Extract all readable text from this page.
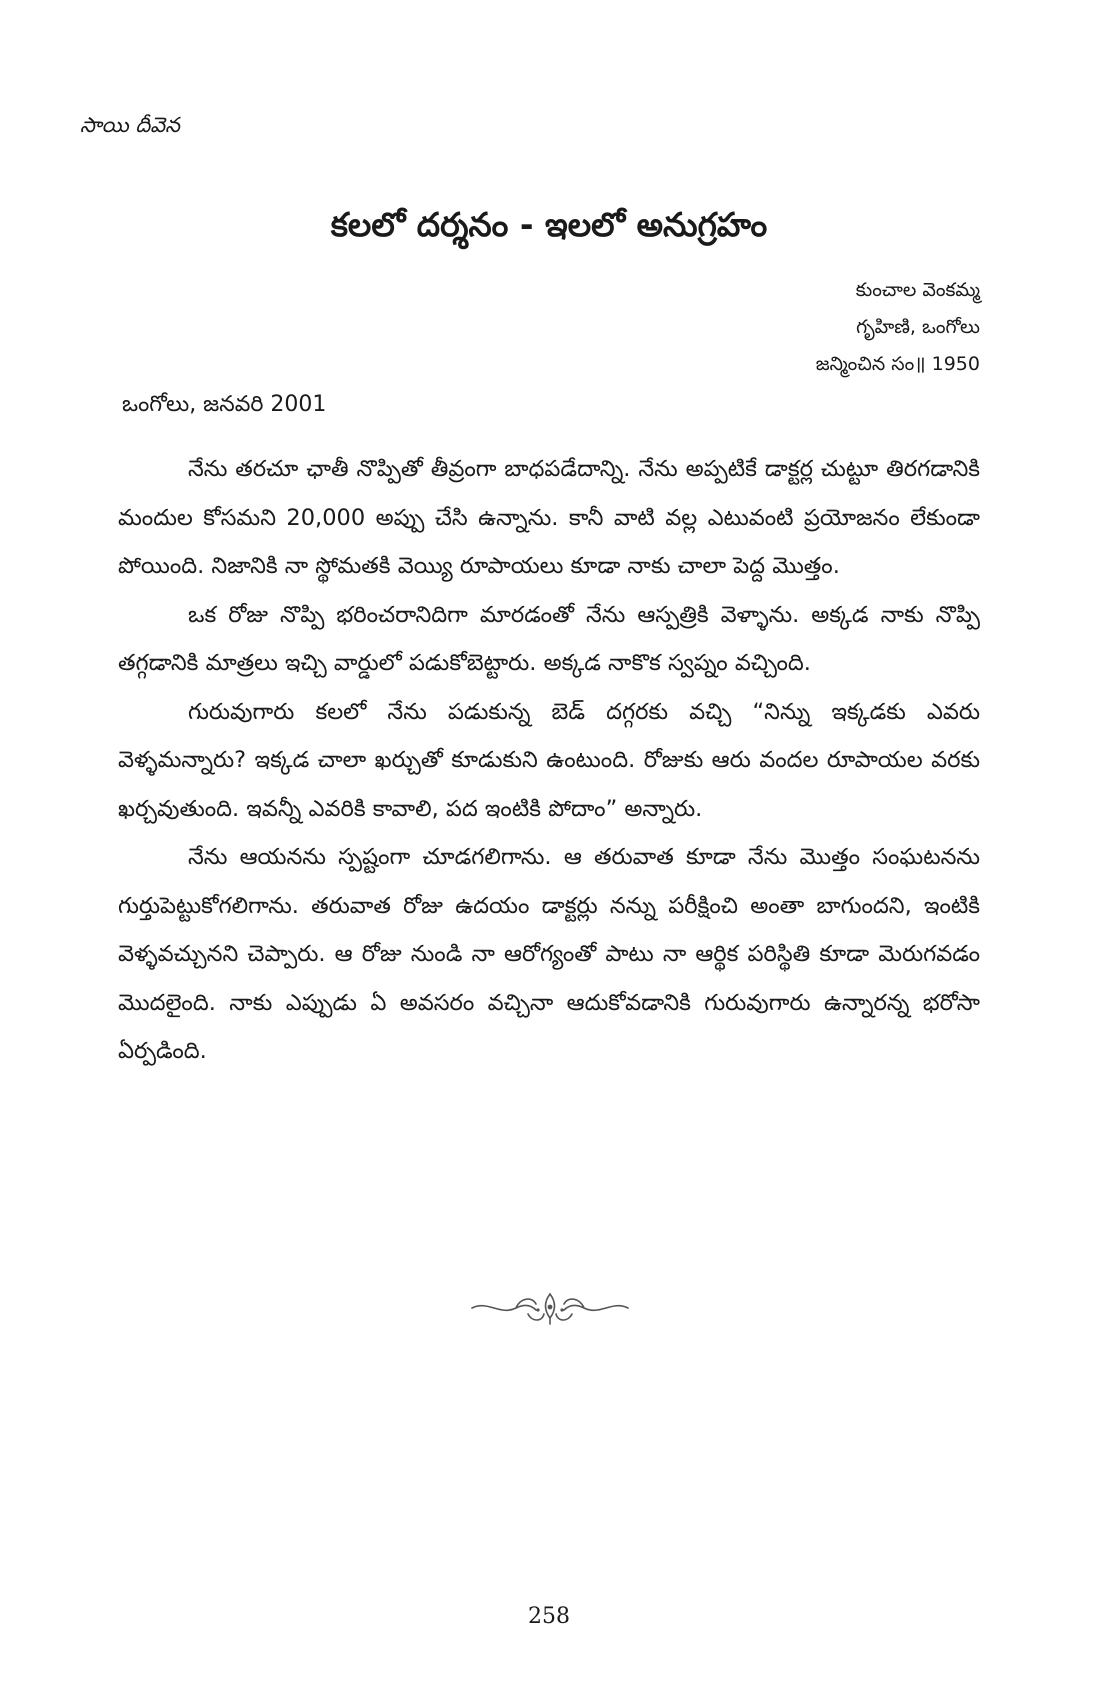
సాయి దీవెన
కలలో దర్శనం - ఇలలో అనుగ్రహం
కుంచాల వెంకమ్మ
గృహిణి, ఒంగోలు
జన్మించిన సం॥ 1950
ఒంగోలు, జనవరి 2001

నేను తరచూ ఛాతీ నొప్పితో తీవ్రంగా బాధపడేదాన్ని. నేను అప్పటికే డాక్టర్ల చుట్టూ తిరగడానికి మందుల కోసమని 20,000 అప్పు చేసి ఉన్నాను. కానీ వాటి వల్ల ఎటువంటి ప్రయోజనం లేకుండా పోయింది. నిజానికి నా స్థోమతకి వెయ్యి రూపాయలు కూడా నాకు చాలా పెద్ద మొత్తం.

ఒక రోజు నొప్పి భరించరానిదిగా మారడంతో నేను ఆస్పత్రికి వెళ్ళాను. అక్కడ నాకు నొప్పి తగ్గడానికి మాత్రలు ఇచ్చి వార్డులో పడుకోబెట్టారు. అక్కడ నాకొక స్వప్నం వచ్చింది.

గురువుగారు కలలో నేను పడుకున్న బెడ్ దగ్గరకు వచ్చి “నిన్ను ఇక్కడకు ఎవరు వెళ్ళమన్నారు? ఇక్కడ చాలా ఖర్చుతో కూడుకుని ఉంటుంది. రోజుకు ఆరు వందల రూపాయల వరకు ఖర్చవుతుంది. ఇవన్నీ ఎవరికి కావాలి, పద ఇంటికి పోదాం” అన్నారు.

నేను ఆయనను స్పష్టంగా చూడగలిగాను. ఆ తరువాత కూడా నేను మొత్తం సంఘటనను గుర్తుపెట్టుకోగలిగాను. తరువాత రోజు ఉదయం డాక్టర్లు నన్ను పరీక్షించి అంతా బాగుందని, ఇంటికి వెళ్ళవచ్చునని చెప్పారు. ఆ రోజు నుండి నా ఆరోగ్యంతో పాటు నా ఆర్థిక పరిస్థితి కూడా మెరుగవడం మొదలైంది. నాకు ఎప్పుడు ఏ అవసరం వచ్చినా ఆదుకోవడానికి గురువుగారు ఉన్నారన్న భరోసా ఏర్పడింది.

258
